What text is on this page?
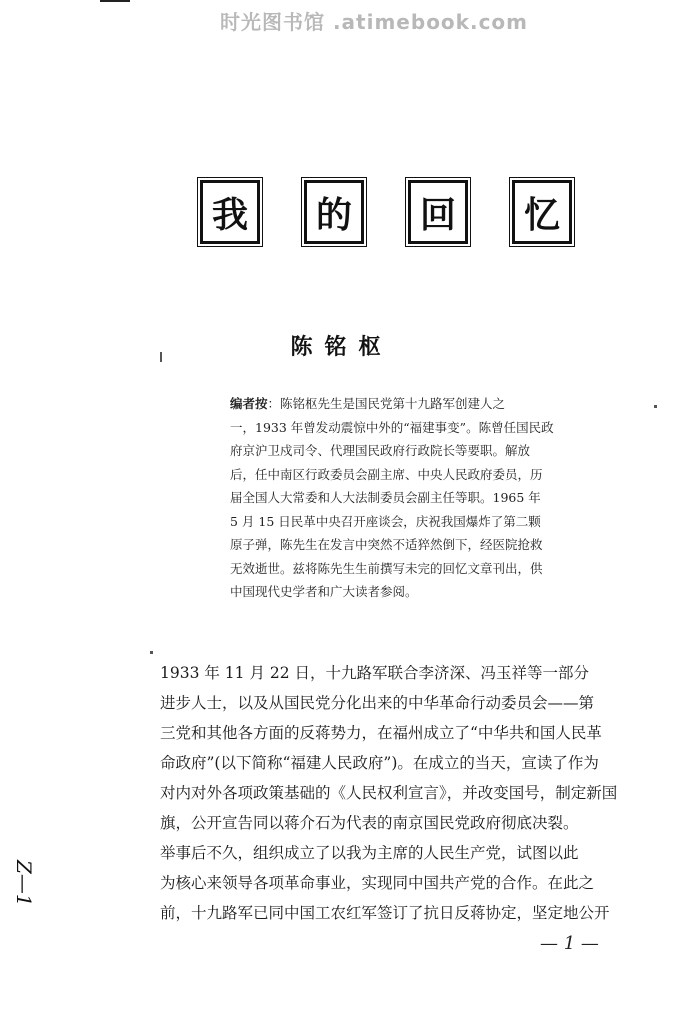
时光图书馆 .atimebook.com
我	的	回	忆
陈铭枢
编者按：陈铭枢先生是国民党第十九路军创建人之
一，1933 年曾发动震惊中外的“福建事变”。陈曾任国民政
府京沪卫戍司令、代理国民政府行政院长等要职。解放
后，任中南区行政委员会副主席、中央人民政府委员，历
届全国人大常委和人大法制委员会副主任等职。1965 年
5 月 15 日民革中央召开座谈会，庆祝我国爆炸了第二颗
原子弹，陈先生在发言中突然不适猝然倒下，经医院抢救
无效逝世。兹将陈先生生前撰写未完的回忆文章刊出，供
中国现代史学者和广大读者参阅。
1933 年 11 月 22 日，十九路军联合李济深、冯玉祥等一部分
进步人士，以及从国民党分化出来的中华革命行动委员会——第
三党和其他各方面的反蒋势力，在福州成立了“中华共和国人民革
命政府”(以下简称“福建人民政府”)。在成立的当天，宣读了作为
对内对外各项政策基础的《人民权利宣言》，并改变国号，制定新国
旗，公开宣告同以蒋介石为代表的南京国民党政府彻底决裂。
举事后不久，组织成立了以我为主席的人民生产党，试图以此
为核心来领导各项革命事业，实现同中国共产党的合作。在此之
前，十九路军已同中国工农红军签订了抗日反蒋协定，坚定地公开
— 1 —
Z—1
